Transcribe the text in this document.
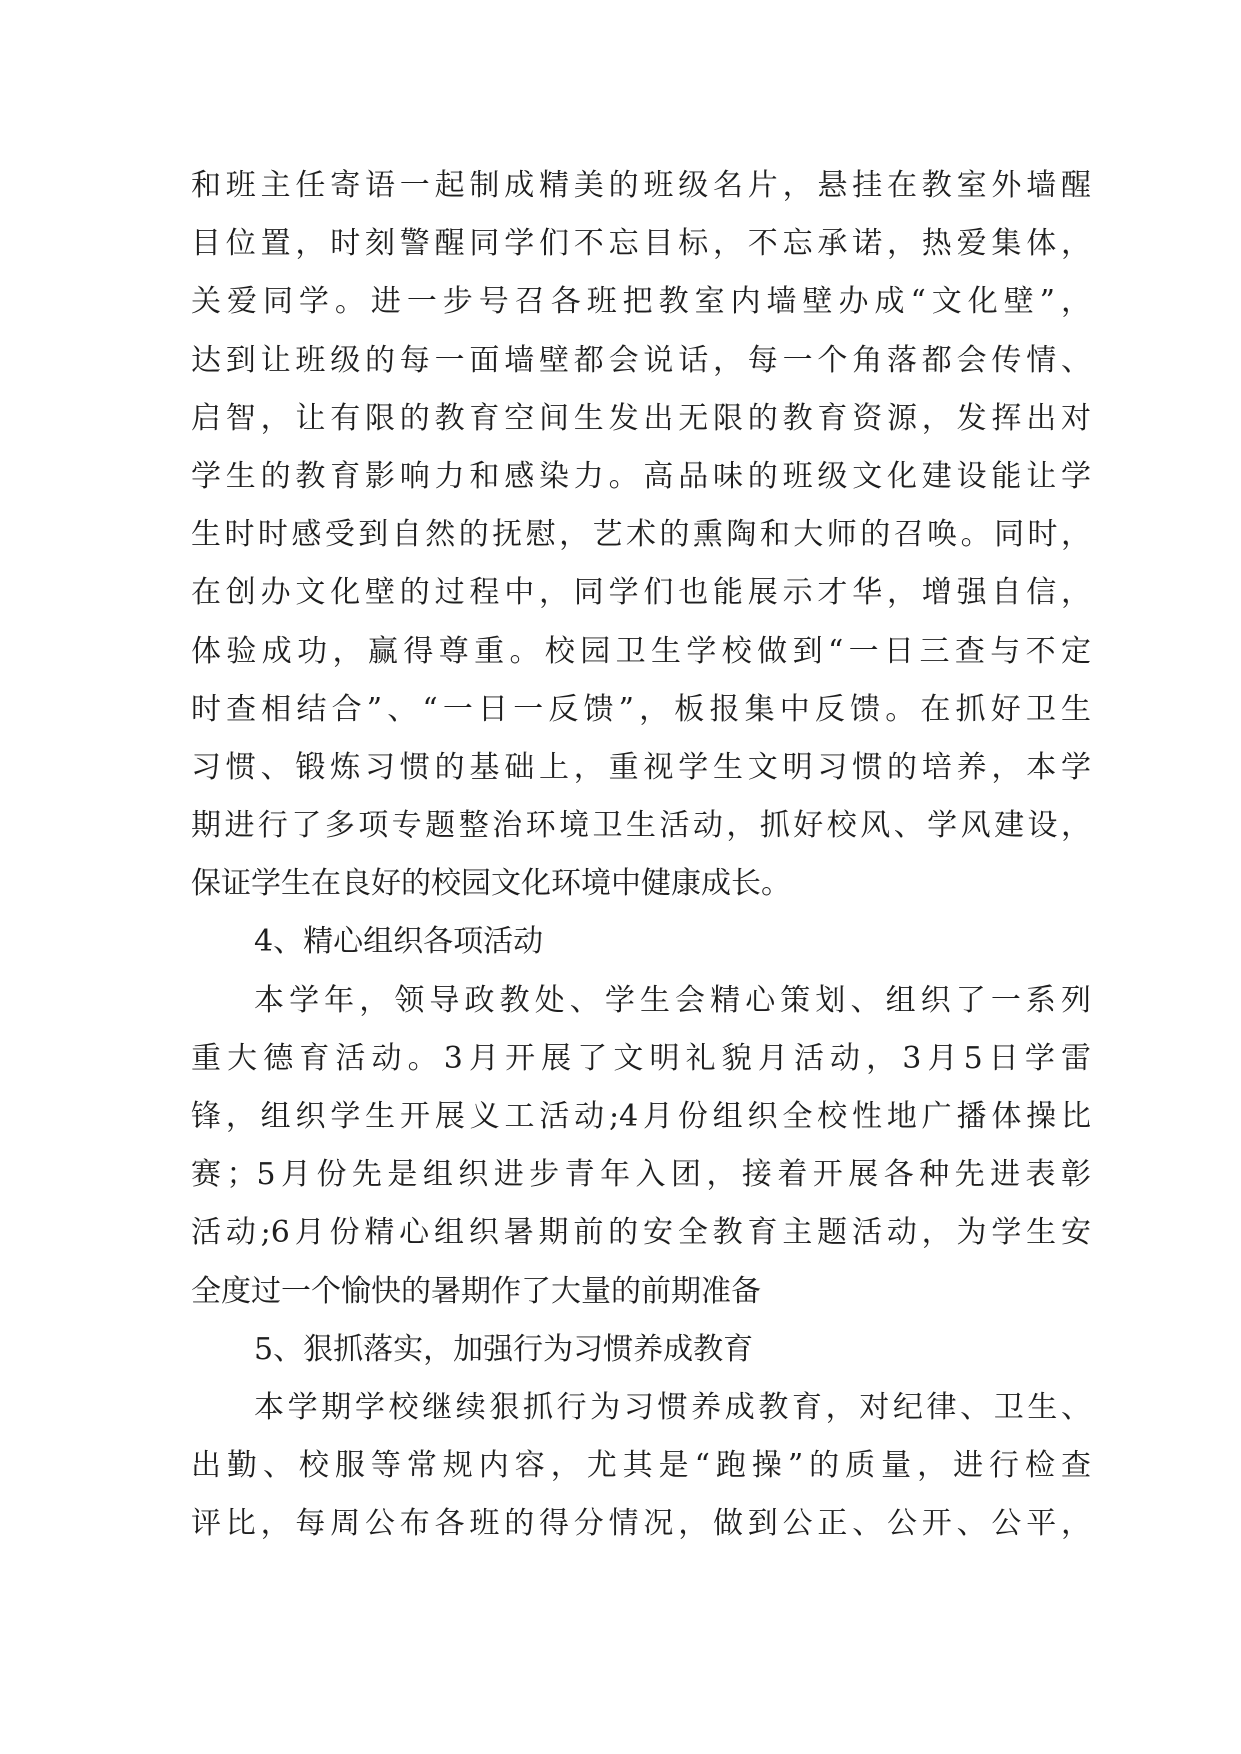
和班主任寄语一起制成精美的班级名片，悬挂在教室外墙醒
目位置，时刻警醒同学们不忘目标，不忘承诺，热爱集体，
关爱同学。进一步号召各班把教室内墙壁办成“文化壁”，
达到让班级的每一面墙壁都会说话，每一个角落都会传情、
启智，让有限的教育空间生发出无限的教育资源，发挥出对
学生的教育影响力和感染力。高品味的班级文化建设能让学
生时时感受到自然的抚慰，艺术的熏陶和大师的召唤。同时，
在创办文化壁的过程中，同学们也能展示才华，增强自信，
体验成功，赢得尊重。校园卫生学校做到“一日三查与不定
时查相结合”、“一日一反馈”，板报集中反馈。在抓好卫生
习惯、锻炼习惯的基础上，重视学生文明习惯的培养，本学
期进行了多项专题整治环境卫生活动，抓好校风、学风建设，
保证学生在良好的校园文化环境中健康成长。
4、精心组织各项活动
本学年，领导政教处、学生会精心策划、组织了一系列
重大德育活动。3月开展了文明礼貌月活动，3月5日学雷
锋，组织学生开展义工活动;4月份组织全校性地广播体操比
赛；5月份先是组织进步青年入团，接着开展各种先进表彰
活动;6月份精心组织暑期前的安全教育主题活动，为学生安
全度过一个愉快的暑期作了大量的前期准备
5、狠抓落实，加强行为习惯养成教育
本学期学校继续狠抓行为习惯养成教育，对纪律、卫生、
出勤、校服等常规内容，尤其是“跑操”的质量，进行检查
评比，每周公布各班的得分情况，做到公正、公开、公平，
